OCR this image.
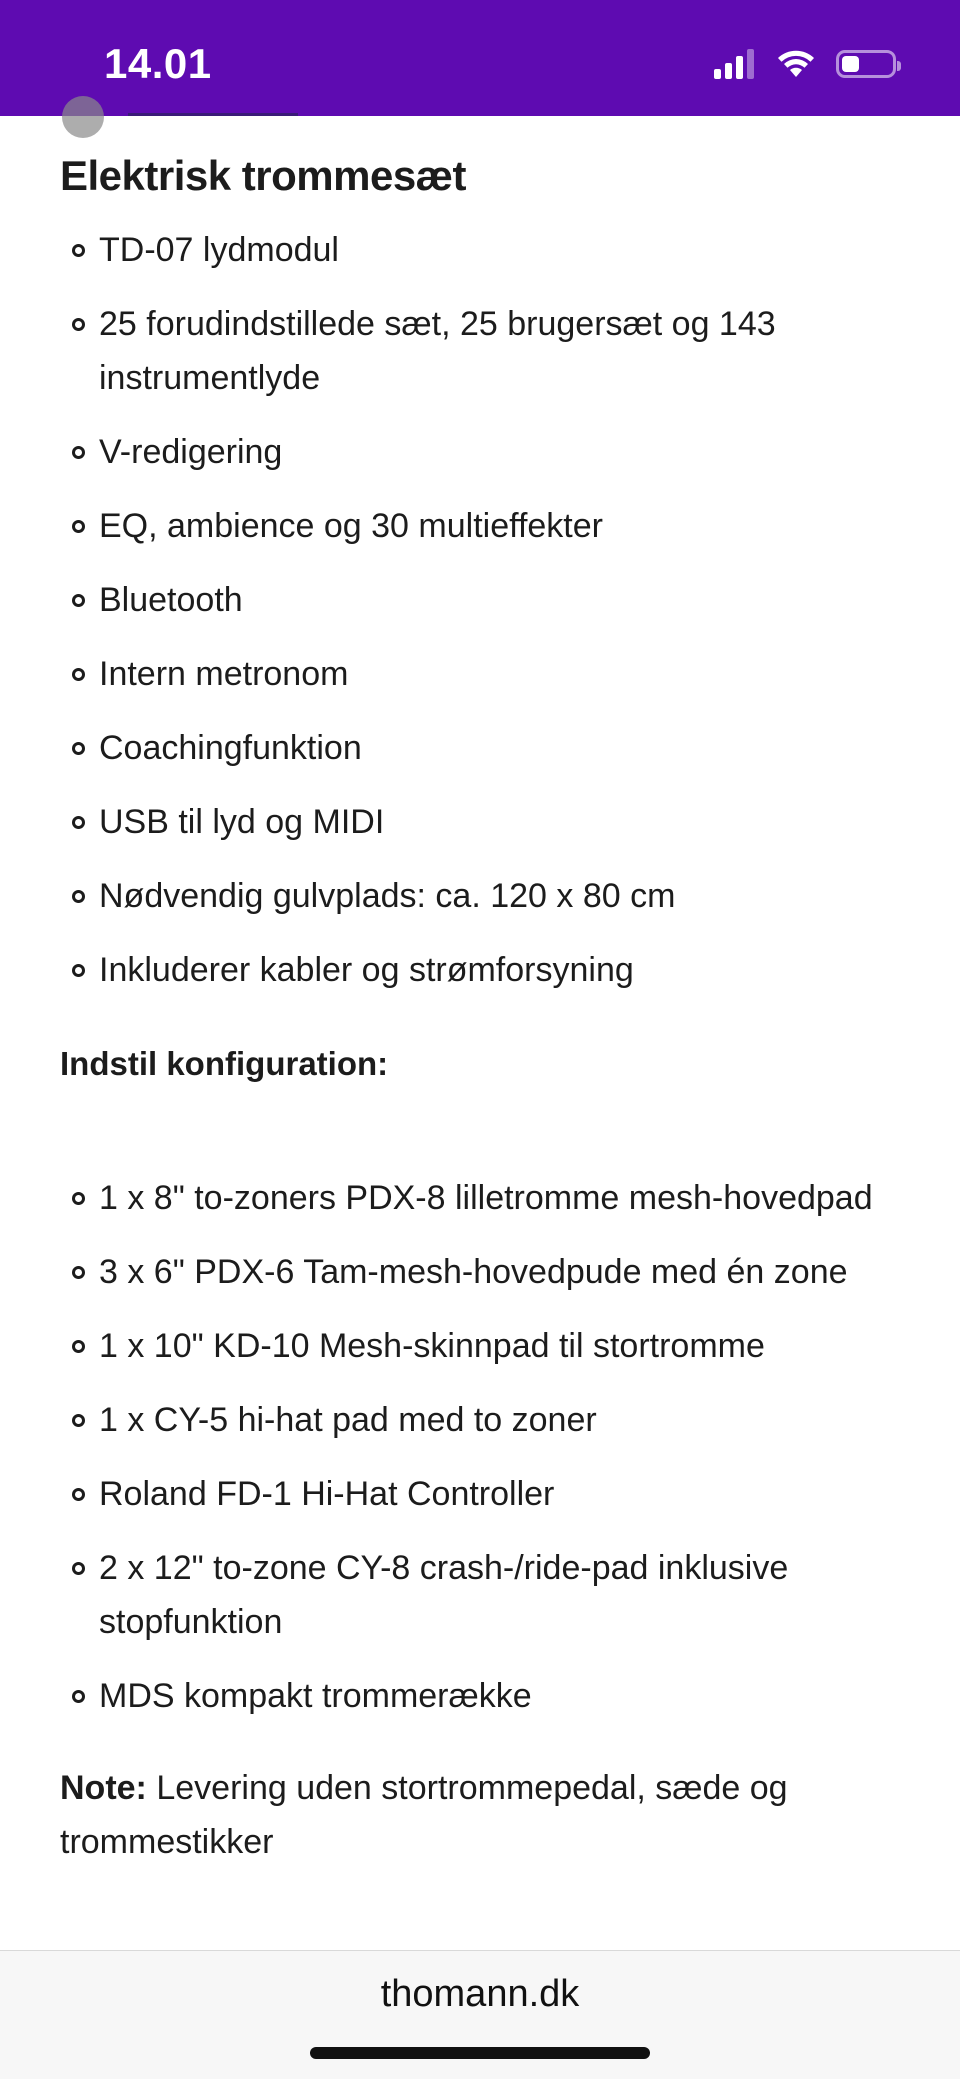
14.01
Elektrisk trommesæt
TD-07 lydmodul
25 forudindstillede sæt, 25 brugersæt og 143 instrumentlyde
V-redigering
EQ, ambience og 30 multieffekter
Bluetooth
Intern metronom
Coachingfunktion
USB til lyd og MIDI
Nødvendig gulvplads: ca. 120 x 80 cm
Inkluderer kabler og strømforsyning
Indstil konfiguration:
1 x 8" to-zoners PDX-8 lilletromme mesh-hovedpad
3 x 6" PDX-6 Tam-mesh-hovedpude med én zone
1 x 10" KD-10 Mesh-skinnpad til stortromme
1 x CY-5 hi-hat pad med to zoner
Roland FD-1 Hi-Hat Controller
2 x 12" to-zone CY-8 crash-/ride-pad inklusive stopfunktion
MDS kompakt trommerække
Note: Levering uden stortrommepedal, sæde og trommestikker
thomann.dk
